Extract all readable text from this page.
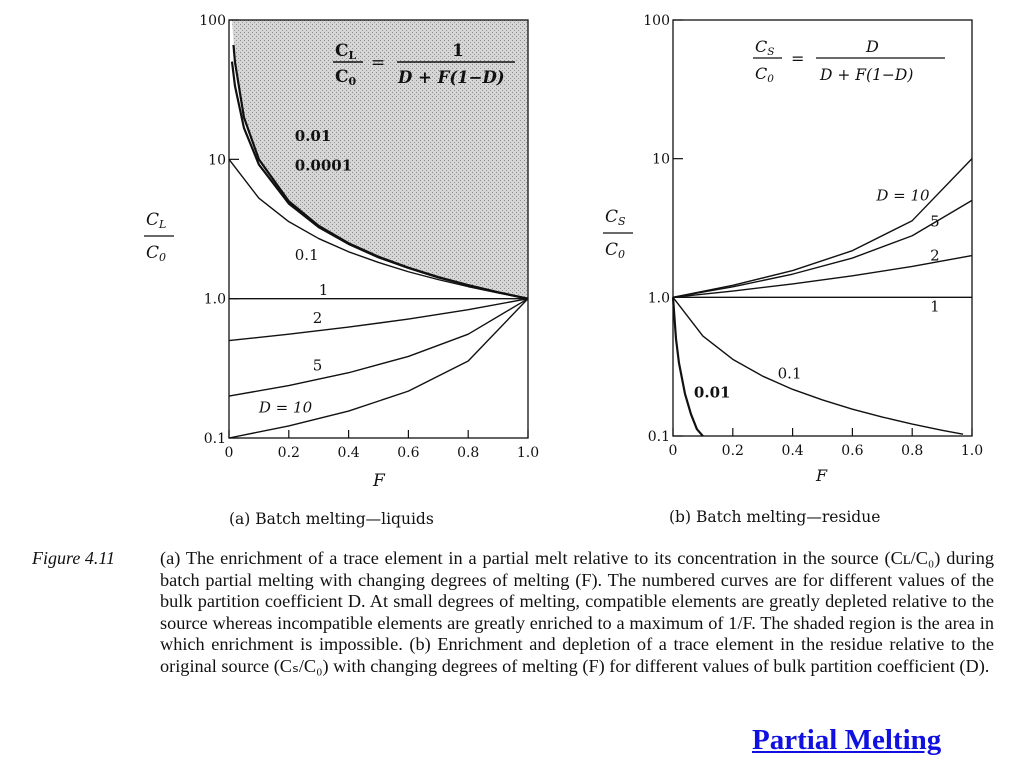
0	0.2	0.4	0.6	0.8	1.0
0.1
1.0
10
100
0.01
0.0001
0.1
1
2
5
D = 10
CL
C0
=
1
D + F(1−D)
CL
C0
F
(a) Batch melting—liquids
0	0.2	0.4	0.6	0.8	1.0
0.1
1.0
10
100
D = 10
5
2
1
0.1
0.01
CS
C0
=
D
D + F(1−D)
CS
C0
F
(b) Batch melting—residue
Figure 4.11	(a) The enrichment of a trace element in a partial melt relative to its concentration in the source (Cʟ/C₀) during batch partial melting with changing degrees of melting (F). The numbered curves are for different values of the bulk partition coefficient D. At small degrees of melting, compatible elements are greatly depleted relative to the source whereas incompatible elements are greatly enriched to a maximum of 1/F. The shaded region is the area in which enrichment is impossible. (b) Enrichment and depletion of a trace element in the residue relative to the original source (Cₛ/C₀) with changing degrees of melting (F) for different values of bulk partition coefficient (D).
Partial Melting
